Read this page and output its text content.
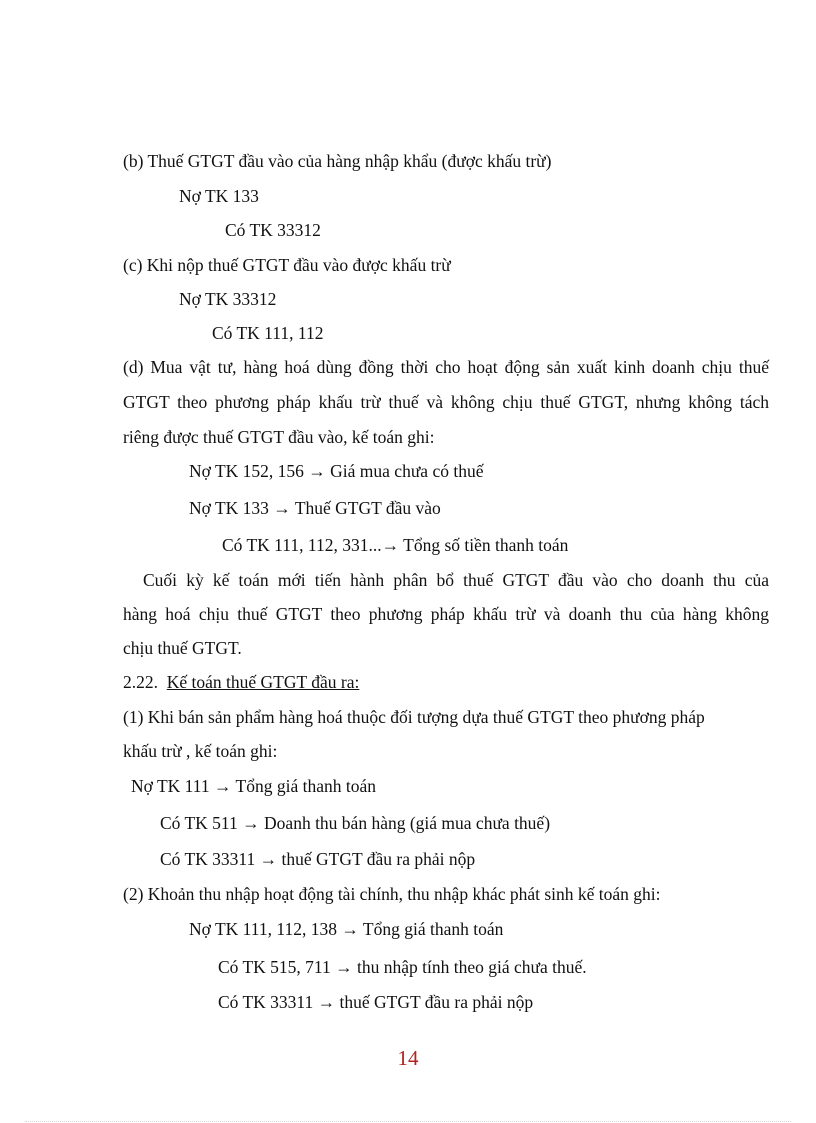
(b) Thuế GTGT đầu vào của hàng nhập khẩu (được khấu trừ)
Nợ TK 133
Có TK 33312
(c) Khi nộp thuế GTGT đầu vào được khấu trừ
Nợ TK 33312
Có TK 111, 112
(d) Mua vật tư, hàng hoá dùng đồng thời cho hoạt động sản xuất kinh doanh chịu thuế
GTGT theo phương pháp khấu trừ thuế và không chịu thuế GTGT, nhưng không tách
riêng được thuế GTGT đầu vào, kế toán ghi:
Nợ TK 152, 156 → Giá mua chưa có thuế
Nợ TK 133 → Thuế GTGT đầu vào
Có TK 111, 112, 331...→ Tổng số tiền thanh toán
Cuối kỳ kế toán mới tiến hành phân bổ thuế GTGT đầu vào cho doanh thu của
hàng hoá chịu thuế GTGT theo phương pháp khấu trừ và doanh thu của hàng không
chịu thuế GTGT.
2.22. Kế toán thuế GTGT đầu ra:
(1) Khi bán sản phẩm hàng hoá thuộc đối tượng dựa thuế GTGT theo phương pháp
khấu trừ , kế toán ghi:
Nợ TK 111 → Tổng giá thanh toán
Có TK 511 → Doanh thu bán hàng (giá mua chưa thuế)
Có TK 33311 → thuế GTGT đầu ra phải nộp
(2) Khoản thu nhập hoạt động tài chính, thu nhập khác phát sinh kế toán ghi:
Nợ TK 111, 112, 138 → Tổng giá thanh toán
Có TK 515, 711 → thu nhập tính theo giá chưa thuế.
Có TK 33311 → thuế GTGT đầu ra phải nộp
14
